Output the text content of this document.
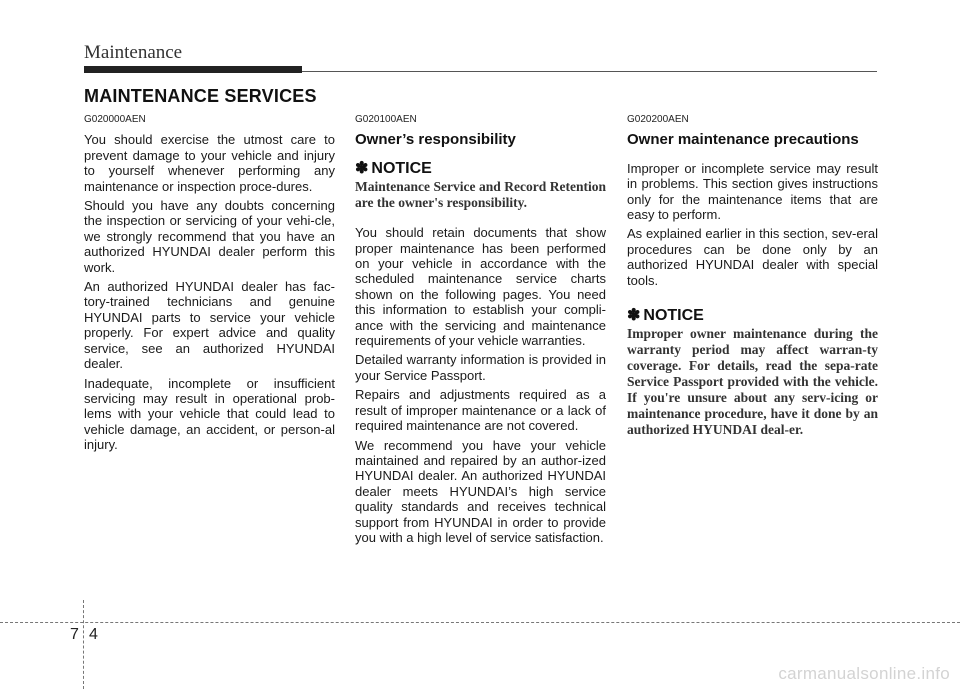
Maintenance
MAINTENANCE SERVICES
G020000AEN

You should exercise the utmost care to prevent damage to your vehicle and injury to yourself whenever performing any maintenance or inspection proce-dures.

Should you have any doubts concerning the inspection or servicing of your vehi-cle, we strongly recommend that you have an authorized HYUNDAI dealer perform this work.

An authorized HYUNDAI dealer has fac-tory-trained technicians and genuine HYUNDAI parts to service your vehicle properly. For expert advice and quality service, see an authorized HYUNDAI dealer.

Inadequate, incomplete or insufficient servicing may result in operational prob-lems with your vehicle that could lead to vehicle damage, an accident, or person-al injury.

G020100AEN
Owner’s responsibility
✽ NOTICE
Maintenance Service and Record Retention are the owner's responsibility.

You should retain documents that show proper maintenance has been performed on your vehicle in accordance with the scheduled maintenance service charts shown on the following pages. You need this information to establish your compli-ance with the servicing and maintenance requirements of your vehicle warranties.

Detailed warranty information is provided in your Service Passport.

Repairs and adjustments required as a result of improper maintenance or a lack of required maintenance are not covered.

We recommend you have your vehicle maintained and repaired by an author-ized HYUNDAI dealer. An authorized HYUNDAI dealer meets HYUNDAI’s high service quality standards and receives technical support from HYUNDAI in order to provide you with a high level of service satisfaction.

G020200AEN
Owner maintenance precautions

Improper or incomplete service may result in problems. This section gives instructions only for the maintenance items that are easy to perform.

As explained earlier in this section, sev-eral procedures can be done only by an authorized HYUNDAI dealer with special tools.

✽ NOTICE
Improper owner maintenance during the warranty period may affect warran-ty coverage. For details, read the sepa-rate Service Passport provided with the vehicle. If you're unsure about any serv-icing or maintenance procedure, have it done by an authorized HYUNDAI deal-er.
7 4
carmanualsonline.info
